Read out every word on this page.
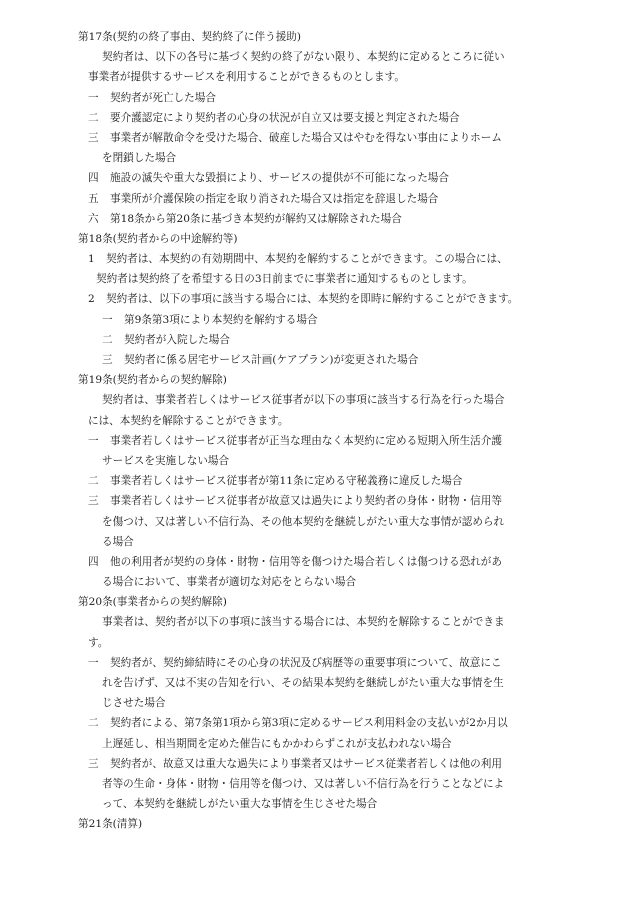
第17条(契約の終了事由、契約終了に伴う援助)
契約者は、以下の各号に基づく契約の終了がない限り、本契約に定めるところに従い
事業者が提供するサービスを利用することができるものとします。
一 契約者が死亡した場合
二 要介護認定により契約者の心身の状況が自立又は要支援と判定された場合
三 事業者が解散命令を受けた場合、破産した場合又はやむを得ない事由によりホーム
を閉鎖した場合
四 施設の滅失や重大な毀損により、サービスの提供が不可能になった場合
五 事業所が介護保険の指定を取り消された場合又は指定を辞退した場合
六 第18条から第20条に基づき本契約が解約又は解除された場合
第18条(契約者からの中途解約等)
1 契約者は、本契約の有効期間中、本契約を解約することができます。この場合には、
契約者は契約終了を希望する日の3日前までに事業者に通知するものとします。
2 契約者は、以下の事項に該当する場合には、本契約を即時に解約することができます。
一 第9条第3項により本契約を解約する場合
二 契約者が入院した場合
三 契約者に係る居宅サービス計画(ケアプラン)が変更された場合
第19条(契約者からの契約解除)
契約者は、事業者若しくはサービス従事者が以下の事項に該当する行為を行った場合
には、本契約を解除することができます。
一 事業者若しくはサービス従事者が正当な理由なく本契約に定める短期入所生活介護
サービスを実施しない場合
二 事業者若しくはサービス従事者が第11条に定める守秘義務に違反した場合
三 事業者若しくはサービス従事者が故意又は過失により契約者の身体・財物・信用等
を傷つけ、又は著しい不信行為、その他本契約を継続しがたい重大な事情が認められ
る場合
四 他の利用者が契約の身体・財物・信用等を傷つけた場合若しくは傷つける恐れがあ
る場合において、事業者が適切な対応をとらない場合
第20条(事業者からの契約解除)
事業者は、契約者が以下の事項に該当する場合には、本契約を解除することができま
す。
一 契約者が、契約締結時にその心身の状況及び病歴等の重要事項について、故意にこ
れを告げず、又は不実の告知を行い、その結果本契約を継続しがたい重大な事情を生
じさせた場合
二 契約者による、第7条第1項から第3項に定めるサービス利用料金の支払いが2か月以
上遅延し、相当期間を定めた催告にもかかわらずこれが支払われない場合
三 契約者が、故意又は重大な過失により事業者又はサービス従業者若しくは他の利用
者等の生命・身体・財物・信用等を傷つけ、又は著しい不信行為を行うことなどによ
って、本契約を継続しがたい重大な事情を生じさせた場合
第21条(清算)
